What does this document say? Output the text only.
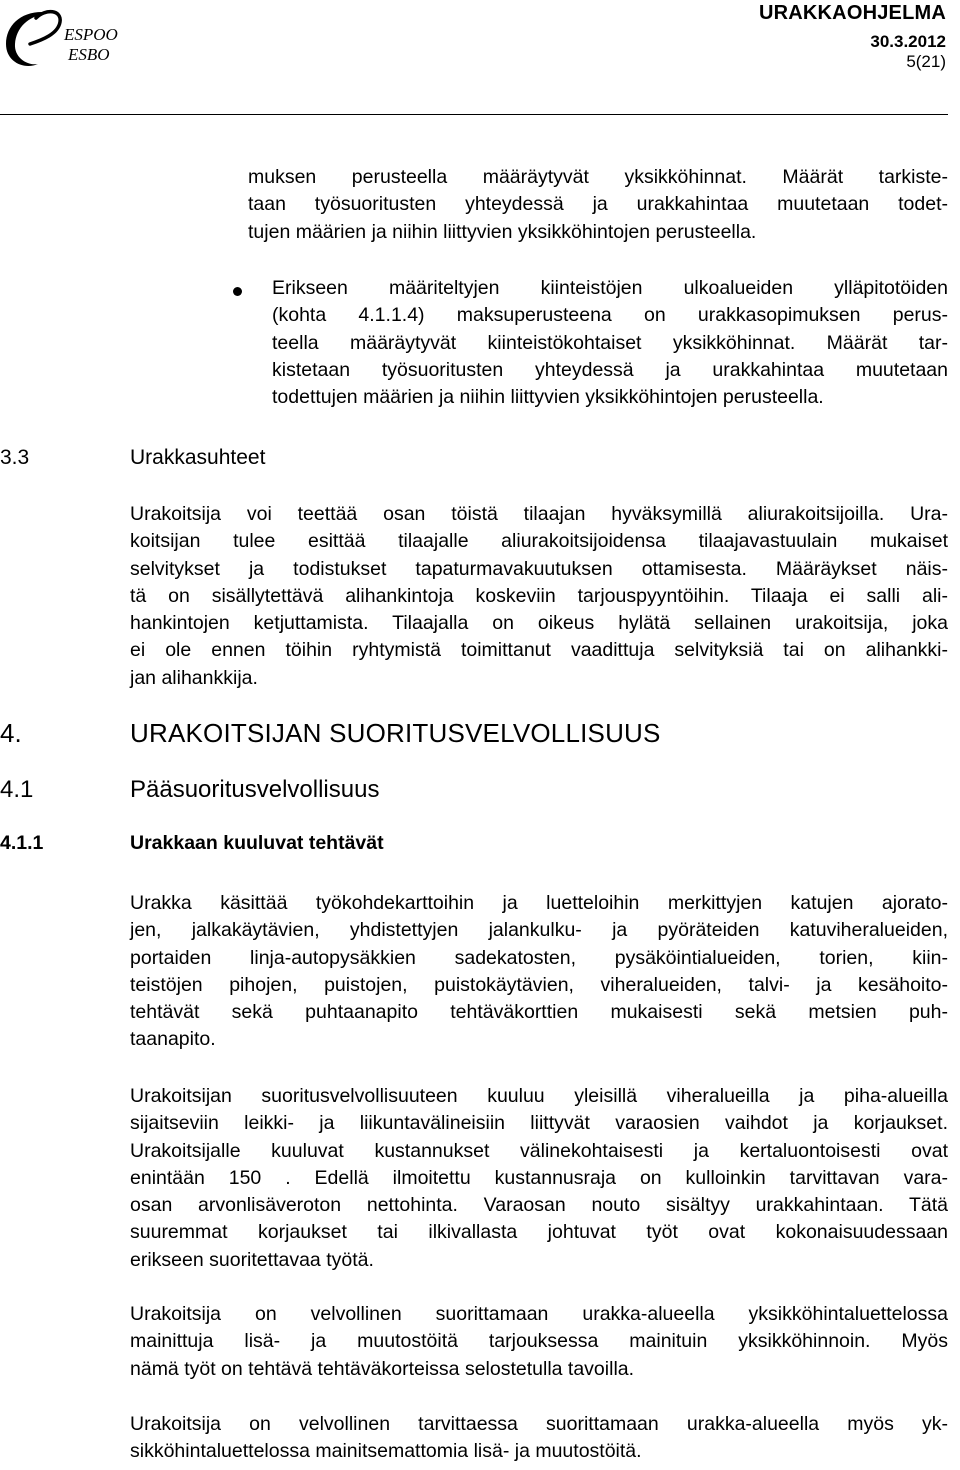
ESPOO
ESBO
URAKKAOHJELMA
30.3.2012
5(21)
muksen perusteella määräytyvät yksikköhinnat. Määrät tarkiste-
taan työsuoritusten yhteydessä ja urakkahintaa muutetaan todet-
tujen määrien ja niihin liittyvien yksikköhintojen perusteella.
Erikseen määriteltyjen kiinteistöjen ulkoalueiden ylläpitotöiden
(kohta 4.1.1.4) maksuperusteena on urakkasopimuksen perus-
teella määräytyvät kiinteistökohtaiset yksikköhinnat. Määrät tar-
kistetaan työsuoritusten yhteydessä ja urakkahintaa muutetaan
todettujen määrien ja niihin liittyvien yksikköhintojen perusteella.
3.3	Urakkasuhteet
Urakoitsija voi teettää osan töistä tilaajan hyväksymillä aliurakoitsijoilla. Ura-
koitsijan tulee esittää tilaajalle aliurakoitsijoidensa tilaajavastuulain mukaiset
selvitykset ja todistukset tapaturmavakuutuksen ottamisesta. Määräykset näis-
tä on sisällytettävä alihankintoja koskeviin tarjouspyyntöihin. Tilaaja ei salli ali-
hankintojen ketjuttamista. Tilaajalla on oikeus hylätä sellainen urakoitsija, joka
ei ole ennen töihin ryhtymistä toimittanut vaadittuja selvityksiä tai on alihankki-
jan alihankkija.
4.	URAKOITSIJAN SUORITUSVELVOLLISUUS
4.1	Pääsuoritusvelvollisuus
4.1.1	Urakkaan kuuluvat tehtävät
Urakka käsittää työkohdekarttoihin ja luetteloihin merkittyjen katujen ajorato-
jen, jalkakäytävien, yhdistettyjen jalankulku- ja pyöräteiden katuviheralueiden,
portaiden linja-autopysäkkien sadekatosten, pysäköintialueiden, torien, kiin-
teistöjen pihojen, puistojen, puistokäytävien, viheralueiden, talvi- ja kesähoito-
tehtävät sekä puhtaanapito tehtäväkorttien mukaisesti sekä metsien puh-
taanapito.
Urakoitsijan suoritusvelvollisuuteen kuuluu yleisillä viheralueilla ja piha-alueilla
sijaitseviin leikki- ja liikuntavälineisiin liittyvät varaosien vaihdot ja korjaukset.
Urakoitsijalle kuuluvat kustannukset välinekohtaisesti ja kertaluontoisesti ovat
enintään 150 . Edellä ilmoitettu kustannusraja on kulloinkin tarvittavan vara-
osan arvonlisäveroton nettohinta. Varaosan nouto sisältyy urakkahintaan. Tätä
suuremmat korjaukset tai ilkivallasta johtuvat työt ovat kokonaisuudessaan
erikseen suoritettavaa työtä.
Urakoitsija on velvollinen suorittamaan urakka-alueella yksikköhintaluettelossa
mainittuja lisä- ja muutostöitä tarjouksessa mainituin yksikköhinnoin. Myös
nämä työt on tehtävä tehtäväkorteissa selostetulla tavoilla.
Urakoitsija on velvollinen tarvittaessa suorittamaan urakka-alueella myös yk-
sikköhintaluettelossa mainitsemattomia lisä- ja muutostöitä.
